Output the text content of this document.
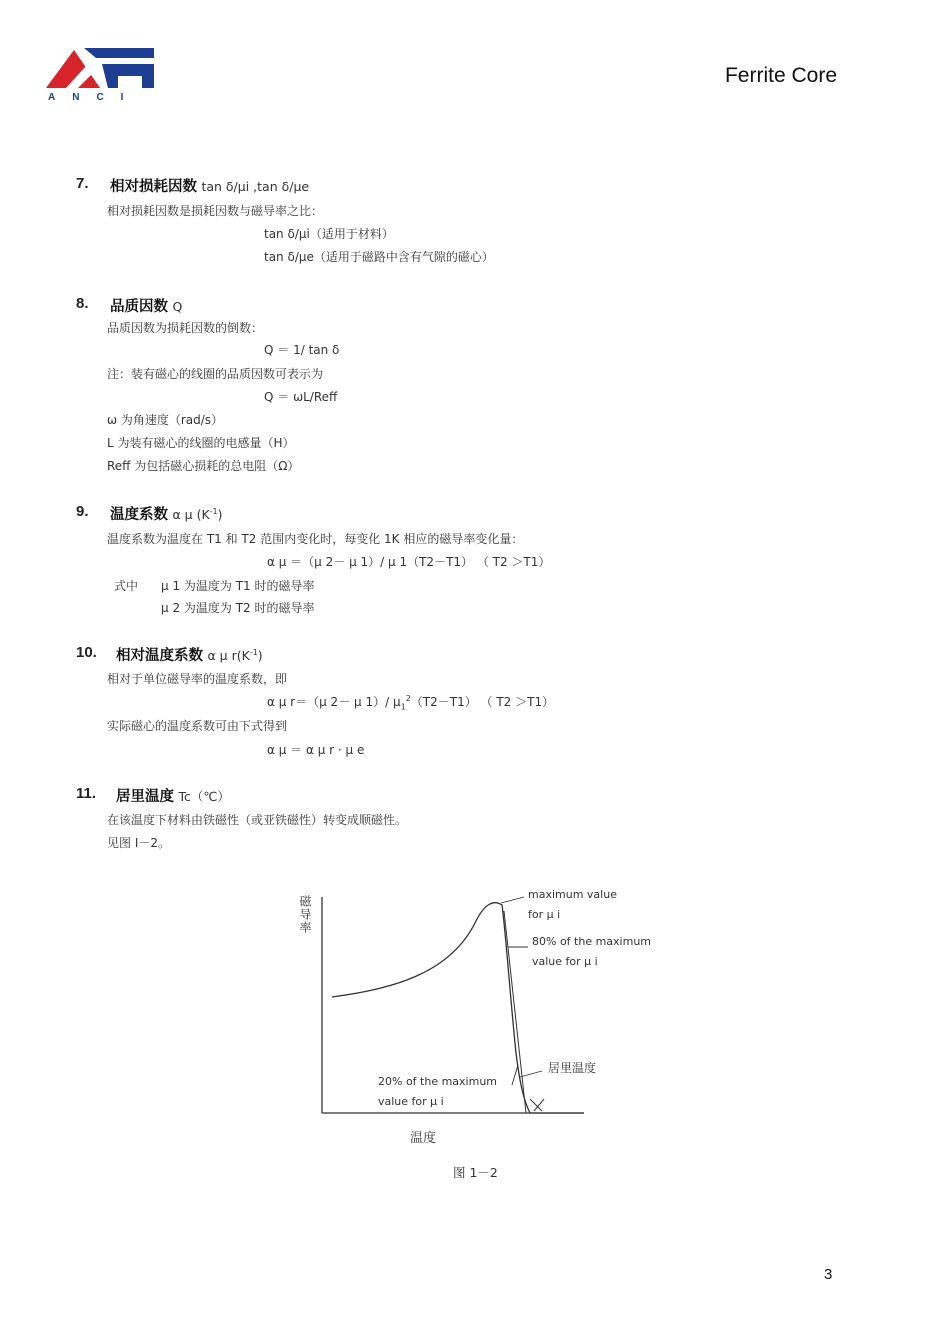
ANCI
Ferrite Core
7. 相对损耗因数 tan δ/μi ,tan δ/μe
相对损耗因数是损耗因数与磁导率之比：
tan δ/μi（适用于材料）
tan δ/μe（适用于磁路中含有气隙的磁心）
8. 品质因数 Q
品质因数为损耗因数的倒数：
Q ＝ 1/ tan δ
注：装有磁心的线圈的品质因数可表示为
Q ＝ ωL/Reff
ω 为角速度（rad/s）
L 为装有磁心的线圈的电感量（H）
Reff 为包括磁心损耗的总电阻（Ω）
9. 温度系数 α μ $(K^{-1})$
温度系数为温度在 T1 和 T2 范围内变化时，每变化 1K 相应的磁导率变化量：
α μ ＝（μ 2－ μ 1）/ μ 1（T2－T1） （ T2 ＞T1）
式中 μ 1 为温度为 T1 时的磁导率
μ 2 为温度为 T2 时的磁导率
10. 相对温度系数 α μ $r(K^{-1})$
相对于单位磁导率的温度系数，即
α μ r＝（μ 2－ μ 1）/ $\mu_1^2(T2-T1)$ （ T2 ＞T1）
实际磁心的温度系数可由下式得到
α μ ＝ α μ r · μ e
11. 居里温度 Tc（℃）
在该温度下材料由铁磁性（或亚铁磁性）转变成顺磁性。
见图 I－2。
磁导率
maximum value
for μ i
80% of the maximum
value for μ i
居里温度
20% of the maximum
value for μ i
温度
图 1－2
3
